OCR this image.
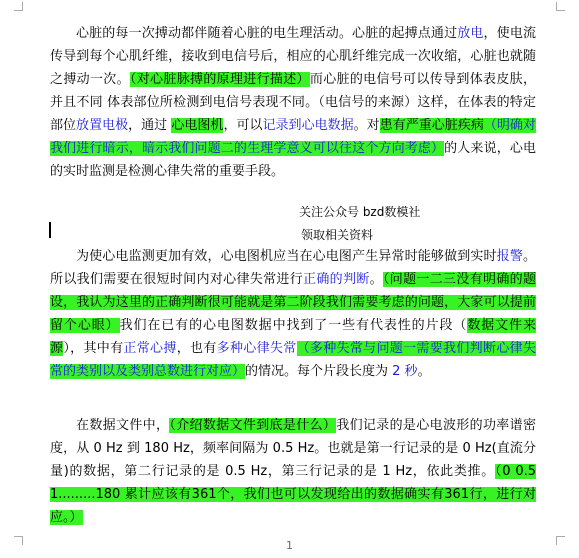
心脏的每一次搏动都伴随着心脏的电生理活动。心脏的起搏点通过放电，使电流传导到每个心肌纤维，接收到电信号后，相应的心肌纤维完成一次收缩，心脏也就随之搏动一次。（对心脏脉搏的原理进行描述）而心脏的电信号可以传导到体表皮肤，并且不同 体表部位所检测到电信号表现不同。（电信号的来源）这样，在体表的特定部位放置电极，通过 心电图机，可以记录到心电数据。对患有严重心脏疾病（明确对我们进行暗示，暗示我们问题二的生理学意义可以往这个方向考虑）的人来说，心电的实时监测是检测心律失常的重要手段。

关注公众号 bzd数模社
领取相关资料

为使心电监测更加有效，心电图机应当在心电图产生异常时能够做到实时报警。所以我们需要在很短时间内对心律失常进行正确的判断。（问题一二三没有明确的题设，我认为这里的正确判断很可能就是第二阶段我们需要考虑的问题，大家可以提前留个心眼）我们在已有的心电图数据中找到了一些有代表性的片段（数据文件来源），其中有正常心搏，也有多种心律失常（多种失常与问题一需要我们判断心律失常的类别以及类别总数进行对应）的情况。每个片段长度为 2 秒。

在数据文件中，（介绍数据文件到底是什么）我们记录的是心电波形的功率谱密度，从 0 Hz 到 180 Hz，频率间隔为 0.5 Hz。也就是第一行记录的是 0 Hz(直流分量)的数据，第二行记录的是 0.5 Hz，第三行记录的是 1 Hz，依此类推。（0 0.5 1.........180 累计应该有361个，我们也可以发现给出的数据确实有361行，进行对应。）

1
